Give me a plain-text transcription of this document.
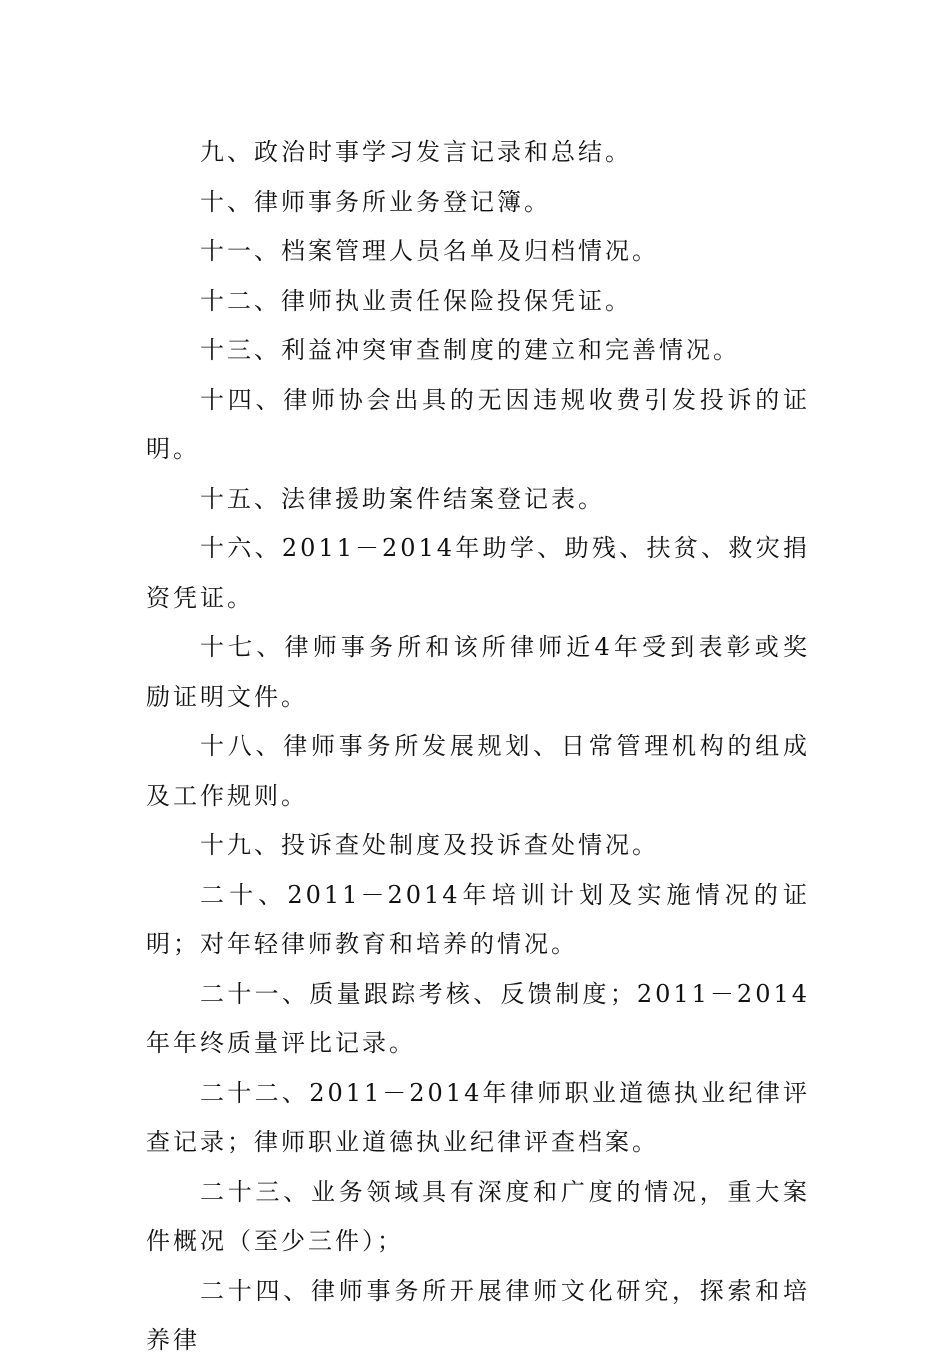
九、政治时事学习发言记录和总结。

十、律师事务所业务登记簿。

十一、档案管理人员名单及归档情况。

十二、律师执业责任保险投保凭证。

十三、利益冲突审查制度的建立和完善情况。

十四、律师协会出具的无因违规收费引发投诉的证明。

十五、法律援助案件结案登记表。

十六、2011－2014年助学、助残、扶贫、救灾捐资凭证。

十七、律师事务所和该所律师近4年受到表彰或奖励证明文件。

十八、律师事务所发展规划、日常管理机构的组成及工作规则。

十九、投诉查处制度及投诉查处情况。

二十、2011－2014年培训计划及实施情况的证明；对年轻律师教育和培养的情况。

二十一、质量跟踪考核、反馈制度；2011－2014年年终质量评比记录。

二十二、2011－2014年律师职业道德执业纪律评查记录；律师职业道德执业纪律评查档案。

二十三、业务领域具有深度和广度的情况，重大案件概况（至少三件）；

二十四、律师事务所开展律师文化研究，探索和培养律
